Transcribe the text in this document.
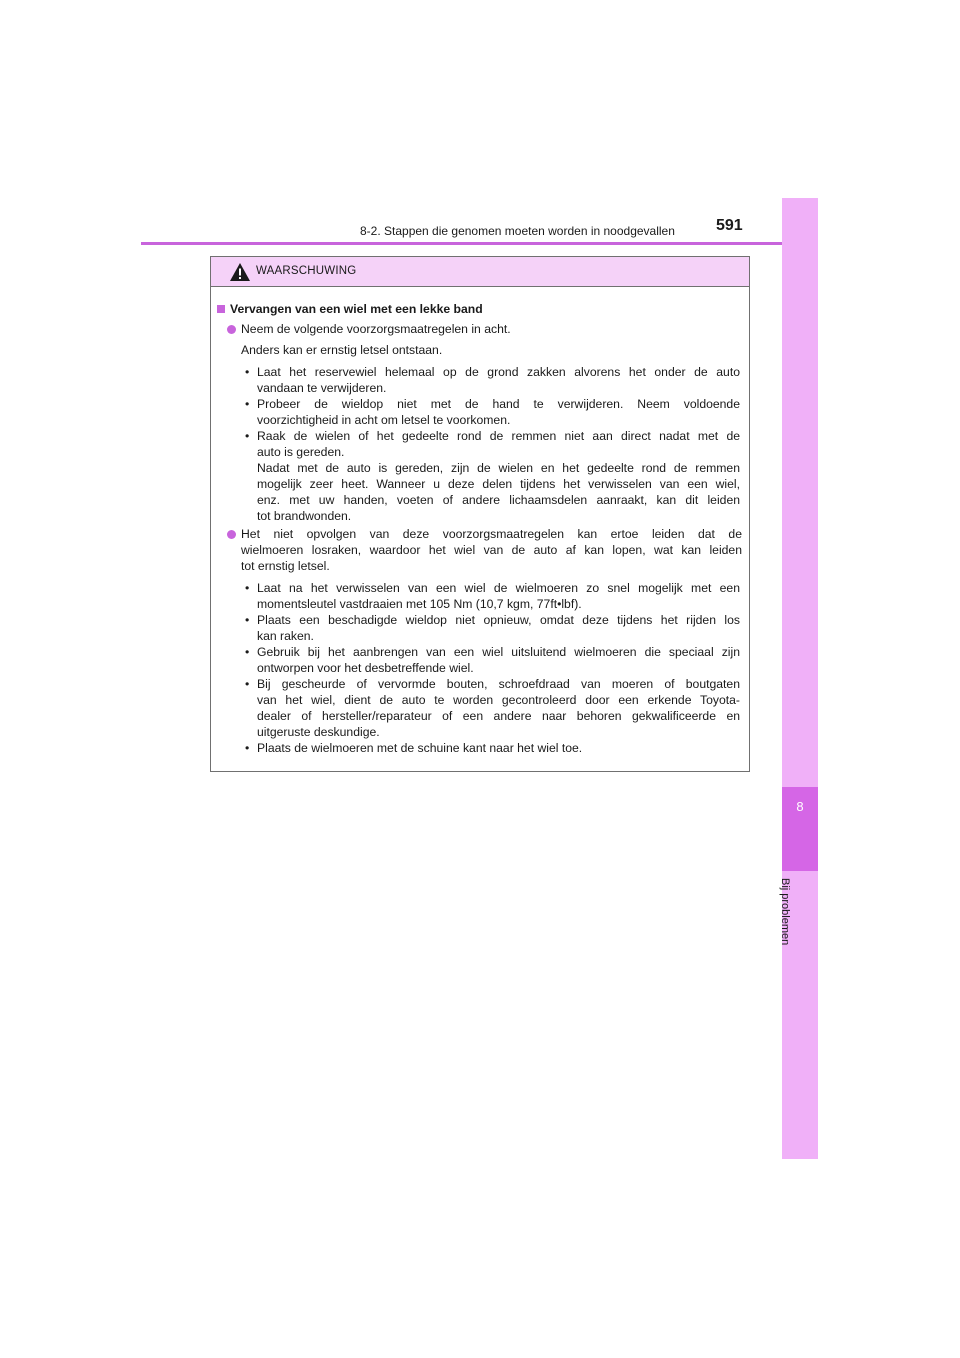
8-2. Stappen die genomen moeten worden in noodgevallen	591
8
Bij problemen
WAARSCHUWING
Vervangen van een wiel met een lekke band
Neem de volgende voorzorgsmaatregelen in acht.
Anders kan er ernstig letsel ontstaan.
• Laat het reservewiel helemaal op de grond zakken alvorens het onder de auto
vandaan te verwijderen.
• Probeer de wieldop niet met de hand te verwijderen. Neem voldoende
voorzichtigheid in acht om letsel te voorkomen.
• Raak de wielen of het gedeelte rond de remmen niet aan direct nadat met de
auto is gereden.
Nadat met de auto is gereden, zijn de wielen en het gedeelte rond de remmen
mogelijk zeer heet. Wanneer u deze delen tijdens het verwisselen van een wiel,
enz. met uw handen, voeten of andere lichaamsdelen aanraakt, kan dit leiden
tot brandwonden.
Het niet opvolgen van deze voorzorgsmaatregelen kan ertoe leiden dat de
wielmoeren losraken, waardoor het wiel van de auto af kan lopen, wat kan leiden
tot ernstig letsel.
• Laat na het verwisselen van een wiel de wielmoeren zo snel mogelijk met een
momentsleutel vastdraaien met 105 Nm (10,7 kgm, 77ft•lbf).
• Plaats een beschadigde wieldop niet opnieuw, omdat deze tijdens het rijden los
kan raken.
• Gebruik bij het aanbrengen van een wiel uitsluitend wielmoeren die speciaal zijn
ontworpen voor het desbetreffende wiel.
• Bij gescheurde of vervormde bouten, schroefdraad van moeren of boutgaten
van het wiel, dient de auto te worden gecontroleerd door een erkende Toyota-
dealer of hersteller/reparateur of een andere naar behoren gekwalificeerde en
uitgeruste deskundige.
• Plaats de wielmoeren met de schuine kant naar het wiel toe.
